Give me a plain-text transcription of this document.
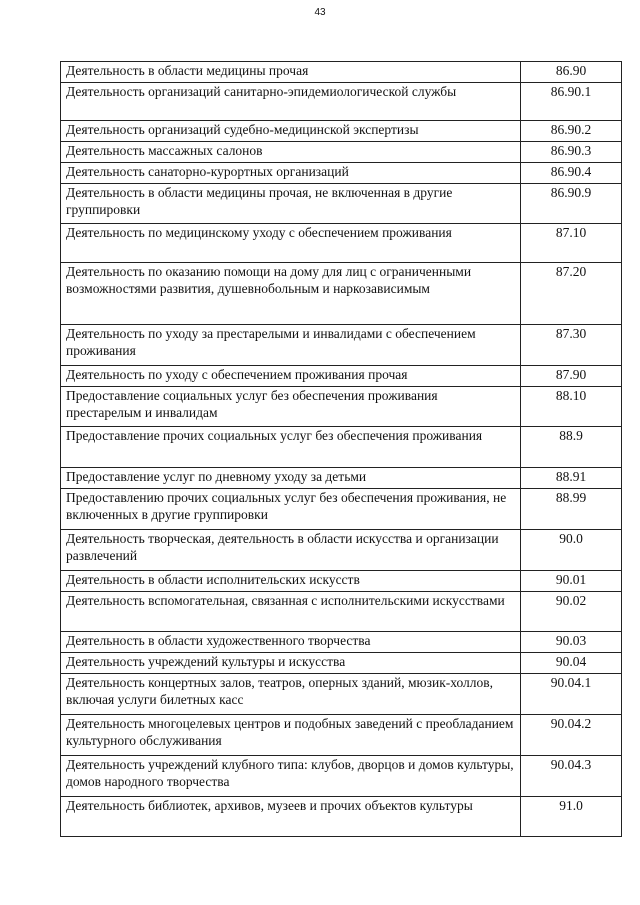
43
Деятельность в области медицины прочая	86.90
Деятельность организаций санитарно-эпидемиологической службы	86.90.1
Деятельность организаций судебно-медицинской экспертизы	86.90.2
Деятельность массажных салонов	86.90.3
Деятельность санаторно-курортных организаций	86.90.4
Деятельность в области медицины прочая, не включенная в другие группировки	86.90.9
Деятельность по медицинскому уходу с обеспечением проживания	87.10
Деятельность по оказанию помощи на дому для лиц с ограниченными возможностями развития, душевнобольным и наркозависимым	87.20
Деятельность по уходу за престарелыми и инвалидами с обеспечением проживания	87.30
Деятельность по уходу с обеспечением проживания прочая	87.90
Предоставление социальных услуг без обеспечения проживания престарелым и инвалидам	88.10
Предоставление прочих социальных услуг без обеспечения проживания	88.9
Предоставление услуг по дневному уходу за детьми	88.91
Предоставлению прочих социальных услуг без обеспечения проживания, не включенных в другие группировки	88.99
Деятельность творческая, деятельность в области искусства и организации развлечений	90.0
Деятельность в области исполнительских искусств	90.01
Деятельность вспомогательная, связанная с исполнительскими искусствами	90.02
Деятельность в области художественного творчества	90.03
Деятельность учреждений культуры и искусства	90.04
Деятельность концертных залов, театров, оперных зданий, мюзик-холлов, включая услуги билетных касс	90.04.1
Деятельность многоцелевых центров и подобных заведений с преобладанием культурного обслуживания	90.04.2
Деятельность учреждений клубного типа: клубов, дворцов и домов культуры, домов народного творчества	90.04.3
Деятельность библиотек, архивов, музеев и прочих объектов культуры	91.0
